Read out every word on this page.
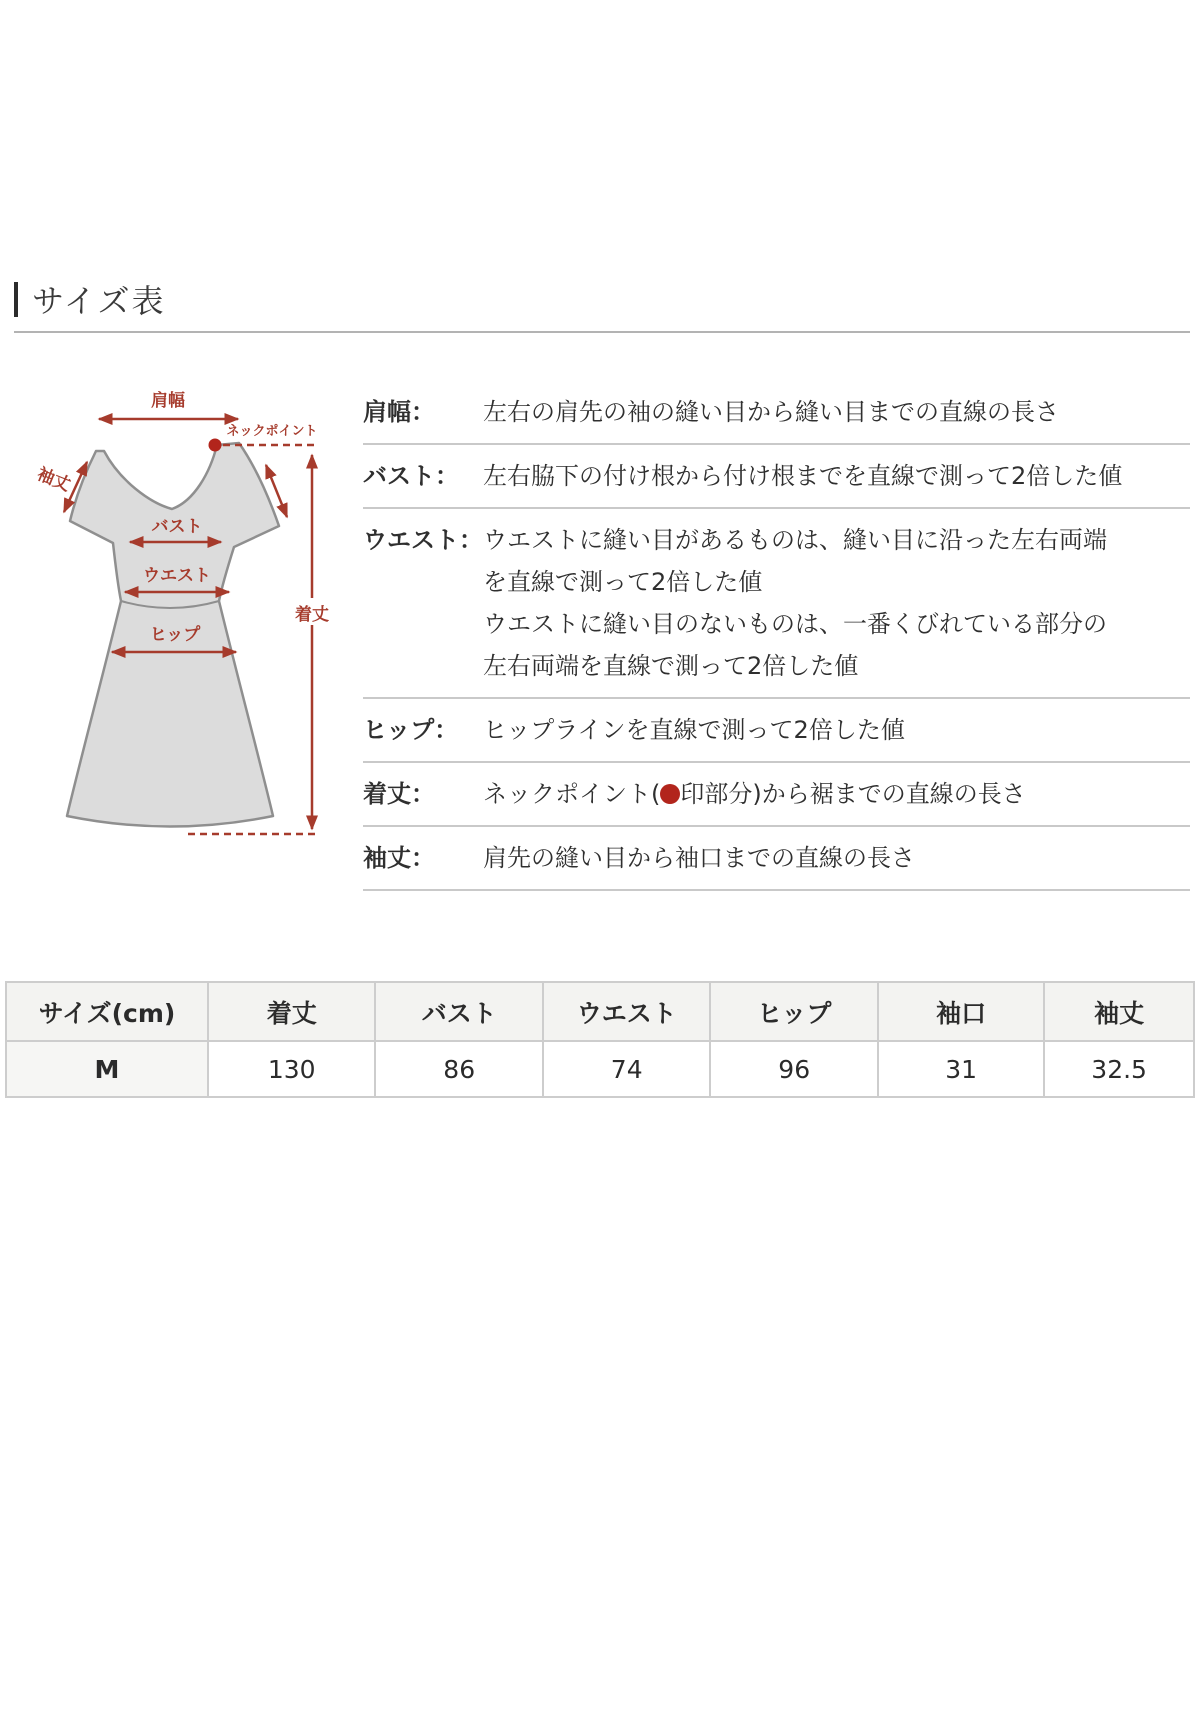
サイズ表
肩幅
ネックポイント
着丈
袖丈
バスト
ウエスト
ヒップ
肩幅：	左右の肩先の袖の縫い目から縫い目までの直線の長さ
バスト：	左右脇下の付け根から付け根までを直線で測って2倍した値
ウエスト： ウエストに縫い目があるものは、縫い目に沿った左右両端
を直線で測って2倍した値
ウエストに縫い目のないものは、一番くびれている部分の
左右両端を直線で測って2倍した値
ヒップ：	ヒップラインを直線で測って2倍した値
着丈：	ネックポイント( 印部分)から裾までの直線の長さ
袖丈：	肩先の縫い目から袖口までの直線の長さ
サイズ(cm)	着丈	バスト	ウエスト	ヒップ	袖口	袖丈
M	130	86	74	96	31	32.5
